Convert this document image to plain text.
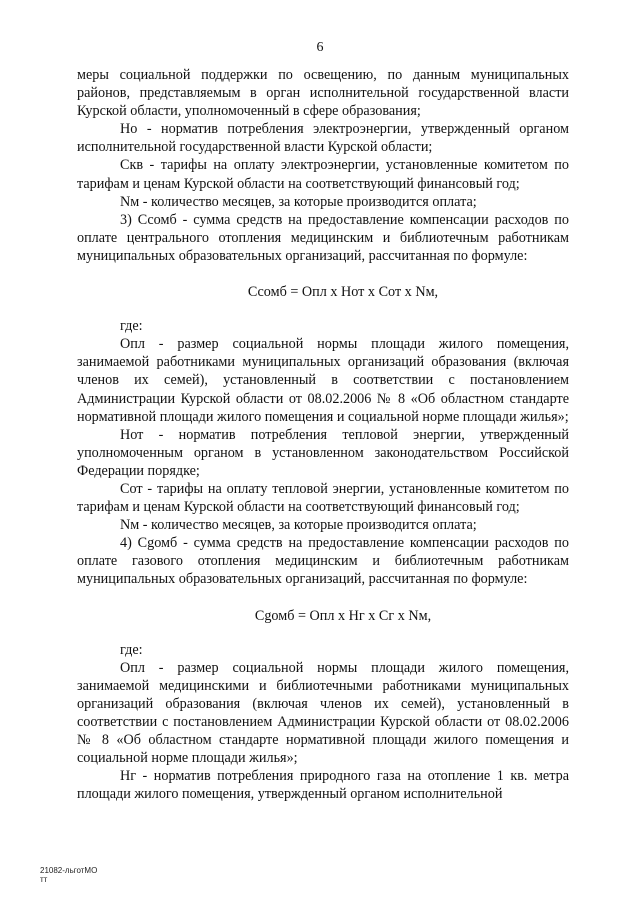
6

меры социальной поддержки по освещению, по данным муниципальных районов, представляемым в орган исполнительной государственной власти Курской области, уполномоченный в сфере образования;

Но - норматив потребления электроэнергии, утвержденный органом исполнительной государственной власти Курской области;

Скв - тарифы на оплату электроэнергии, установленные комитетом по тарифам и ценам Курской области на соответствующий финансовый год;

Nм - количество месяцев, за которые производится оплата;

3) Ссомб - сумма средств на предоставление компенсации расходов по оплате центрального отопления медицинским и библиотечным работникам муниципальных образовательных организаций, рассчитанная по формуле:

Ссомб = Опл х Нот х Сот х Nм,

где:

Опл - размер социальной нормы площади жилого помещения, занимаемой работниками муниципальных организаций образования (включая членов их семей), установленный в соответствии с постановлением Администрации Курской области от 08.02.2006 № 8 «Об областном стандарте нормативной площади жилого помещения и социальной норме площади жилья»;

Нот - норматив потребления тепловой энергии, утвержденный уполномоченным органом в установленном законодательством Российской Федерации порядке;

Сот - тарифы на оплату тепловой энергии, установленные комитетом по тарифам и ценам Курской области на соответствующий финансовый год;

Nм - количество месяцев, за которые производится оплата;

4) Сgомб - сумма средств на предоставление компенсации расходов по оплате газового отопления медицинским и библиотечным работникам муниципальных образовательных организаций, рассчитанная по формуле:

Сgомб = Опл х Нг х Сг х Nм,

где:

Опл - размер социальной нормы площади жилого помещения, занимаемой медицинскими и библиотечными работниками муниципальных организаций образования (включая членов их семей), установленный в соответствии с постановлением Администрации Курской области от 08.02.2006 № 8 «Об областном стандарте нормативной площади жилого помещения и социальной норме площади жилья»;

Нг - норматив потребления природного газа на отопление 1 кв. метра площади жилого помещения, утвержденный органом исполнительной

21082-льготМО
тт
